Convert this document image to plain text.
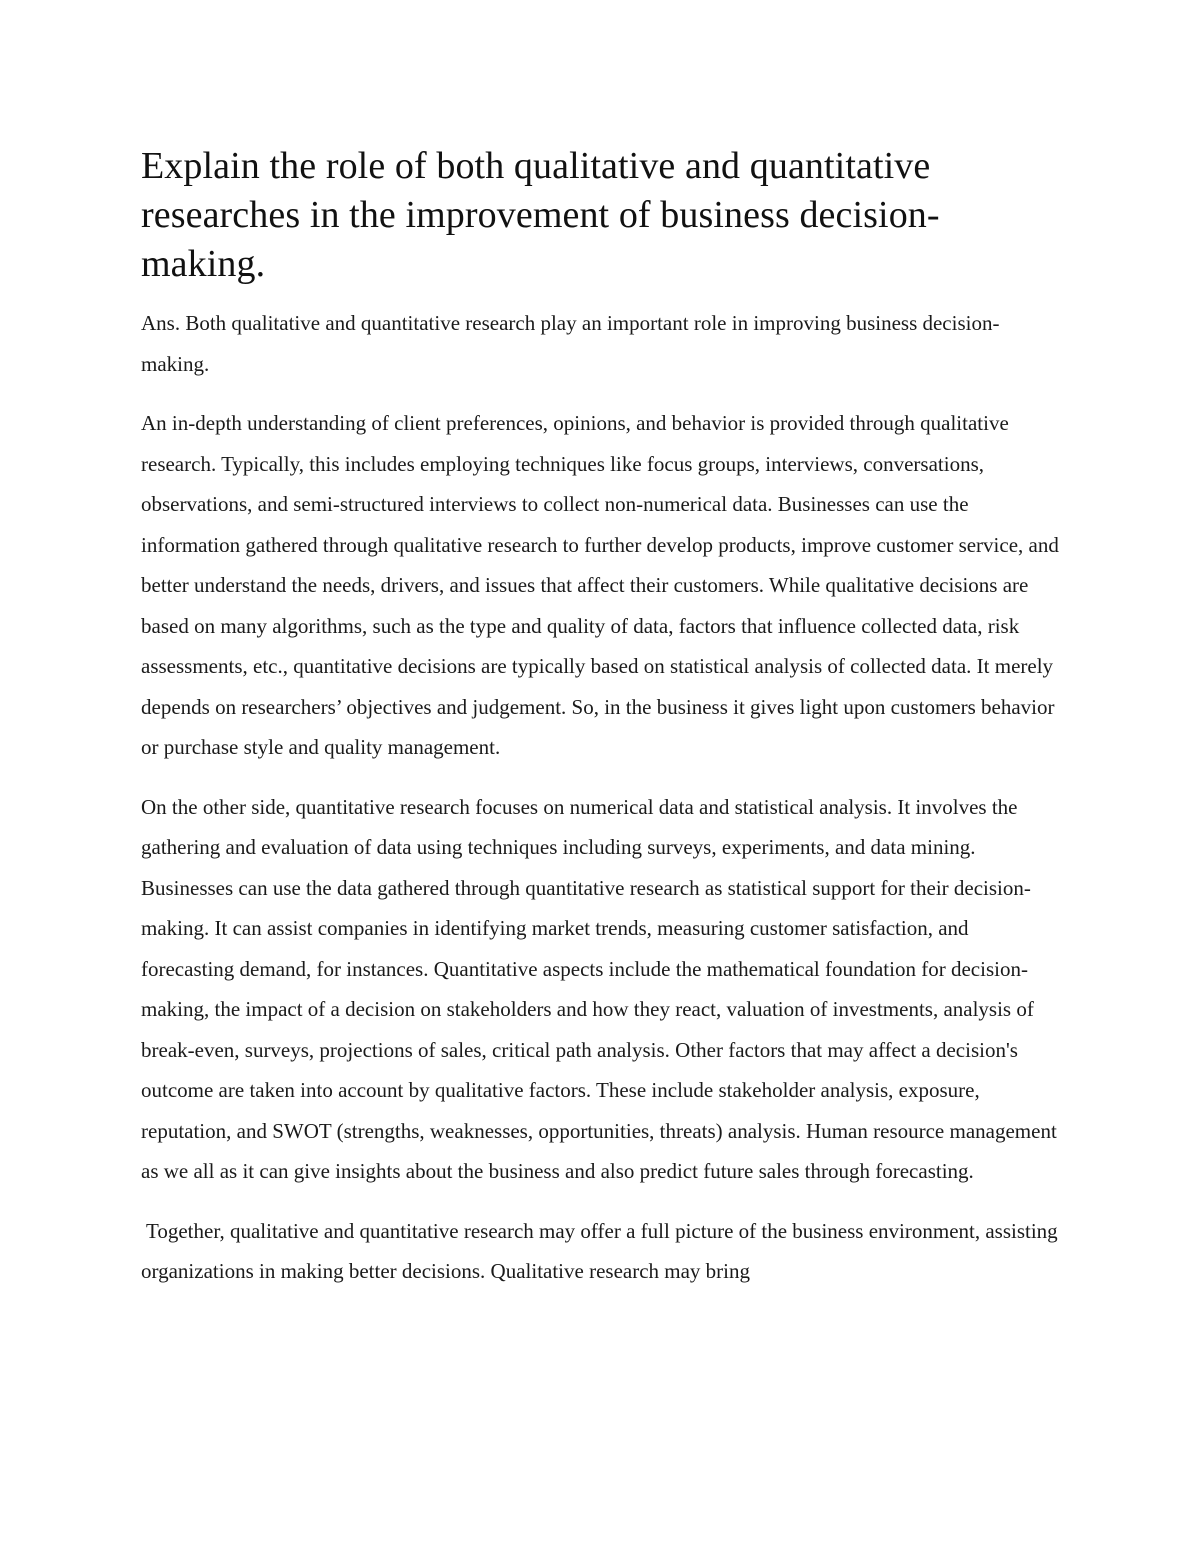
Explain the role of both qualitative and quantitative researches in the improvement of business decision-making.

Ans. Both qualitative and quantitative research play an important role in improving business decision-making.

An in-depth understanding of client preferences, opinions, and behavior is provided through qualitative research. Typically, this includes employing techniques like focus groups, interviews, conversations, observations, and semi-structured interviews to collect non-numerical data. Businesses can use the information gathered through qualitative research to further develop products, improve customer service, and better understand the needs, drivers, and issues that affect their customers. While qualitative decisions are based on many algorithms, such as the type and quality of data, factors that influence collected data, risk assessments, etc., quantitative decisions are typically based on statistical analysis of collected data. It merely depends on researchers’ objectives and judgement. So, in the business it gives light upon customers behavior or purchase style and quality management.

On the other side, quantitative research focuses on numerical data and statistical analysis. It involves the gathering and evaluation of data using techniques including surveys, experiments, and data mining. Businesses can use the data gathered through quantitative research as statistical support for their decision-making. It can assist companies in identifying market trends, measuring customer satisfaction, and forecasting demand, for instances. Quantitative aspects include the mathematical foundation for decision-making, the impact of a decision on stakeholders and how they react, valuation of investments, analysis of break-even, surveys, projections of sales, critical path analysis. Other factors that may affect a decision's outcome are taken into account by qualitative factors. These include stakeholder analysis, exposure, reputation, and SWOT (strengths, weaknesses, opportunities, threats) analysis. Human resource management as we all as it can give insights about the business and also predict future sales through forecasting.

Together, qualitative and quantitative research may offer a full picture of the business environment, assisting organizations in making better decisions. Qualitative research may bring
